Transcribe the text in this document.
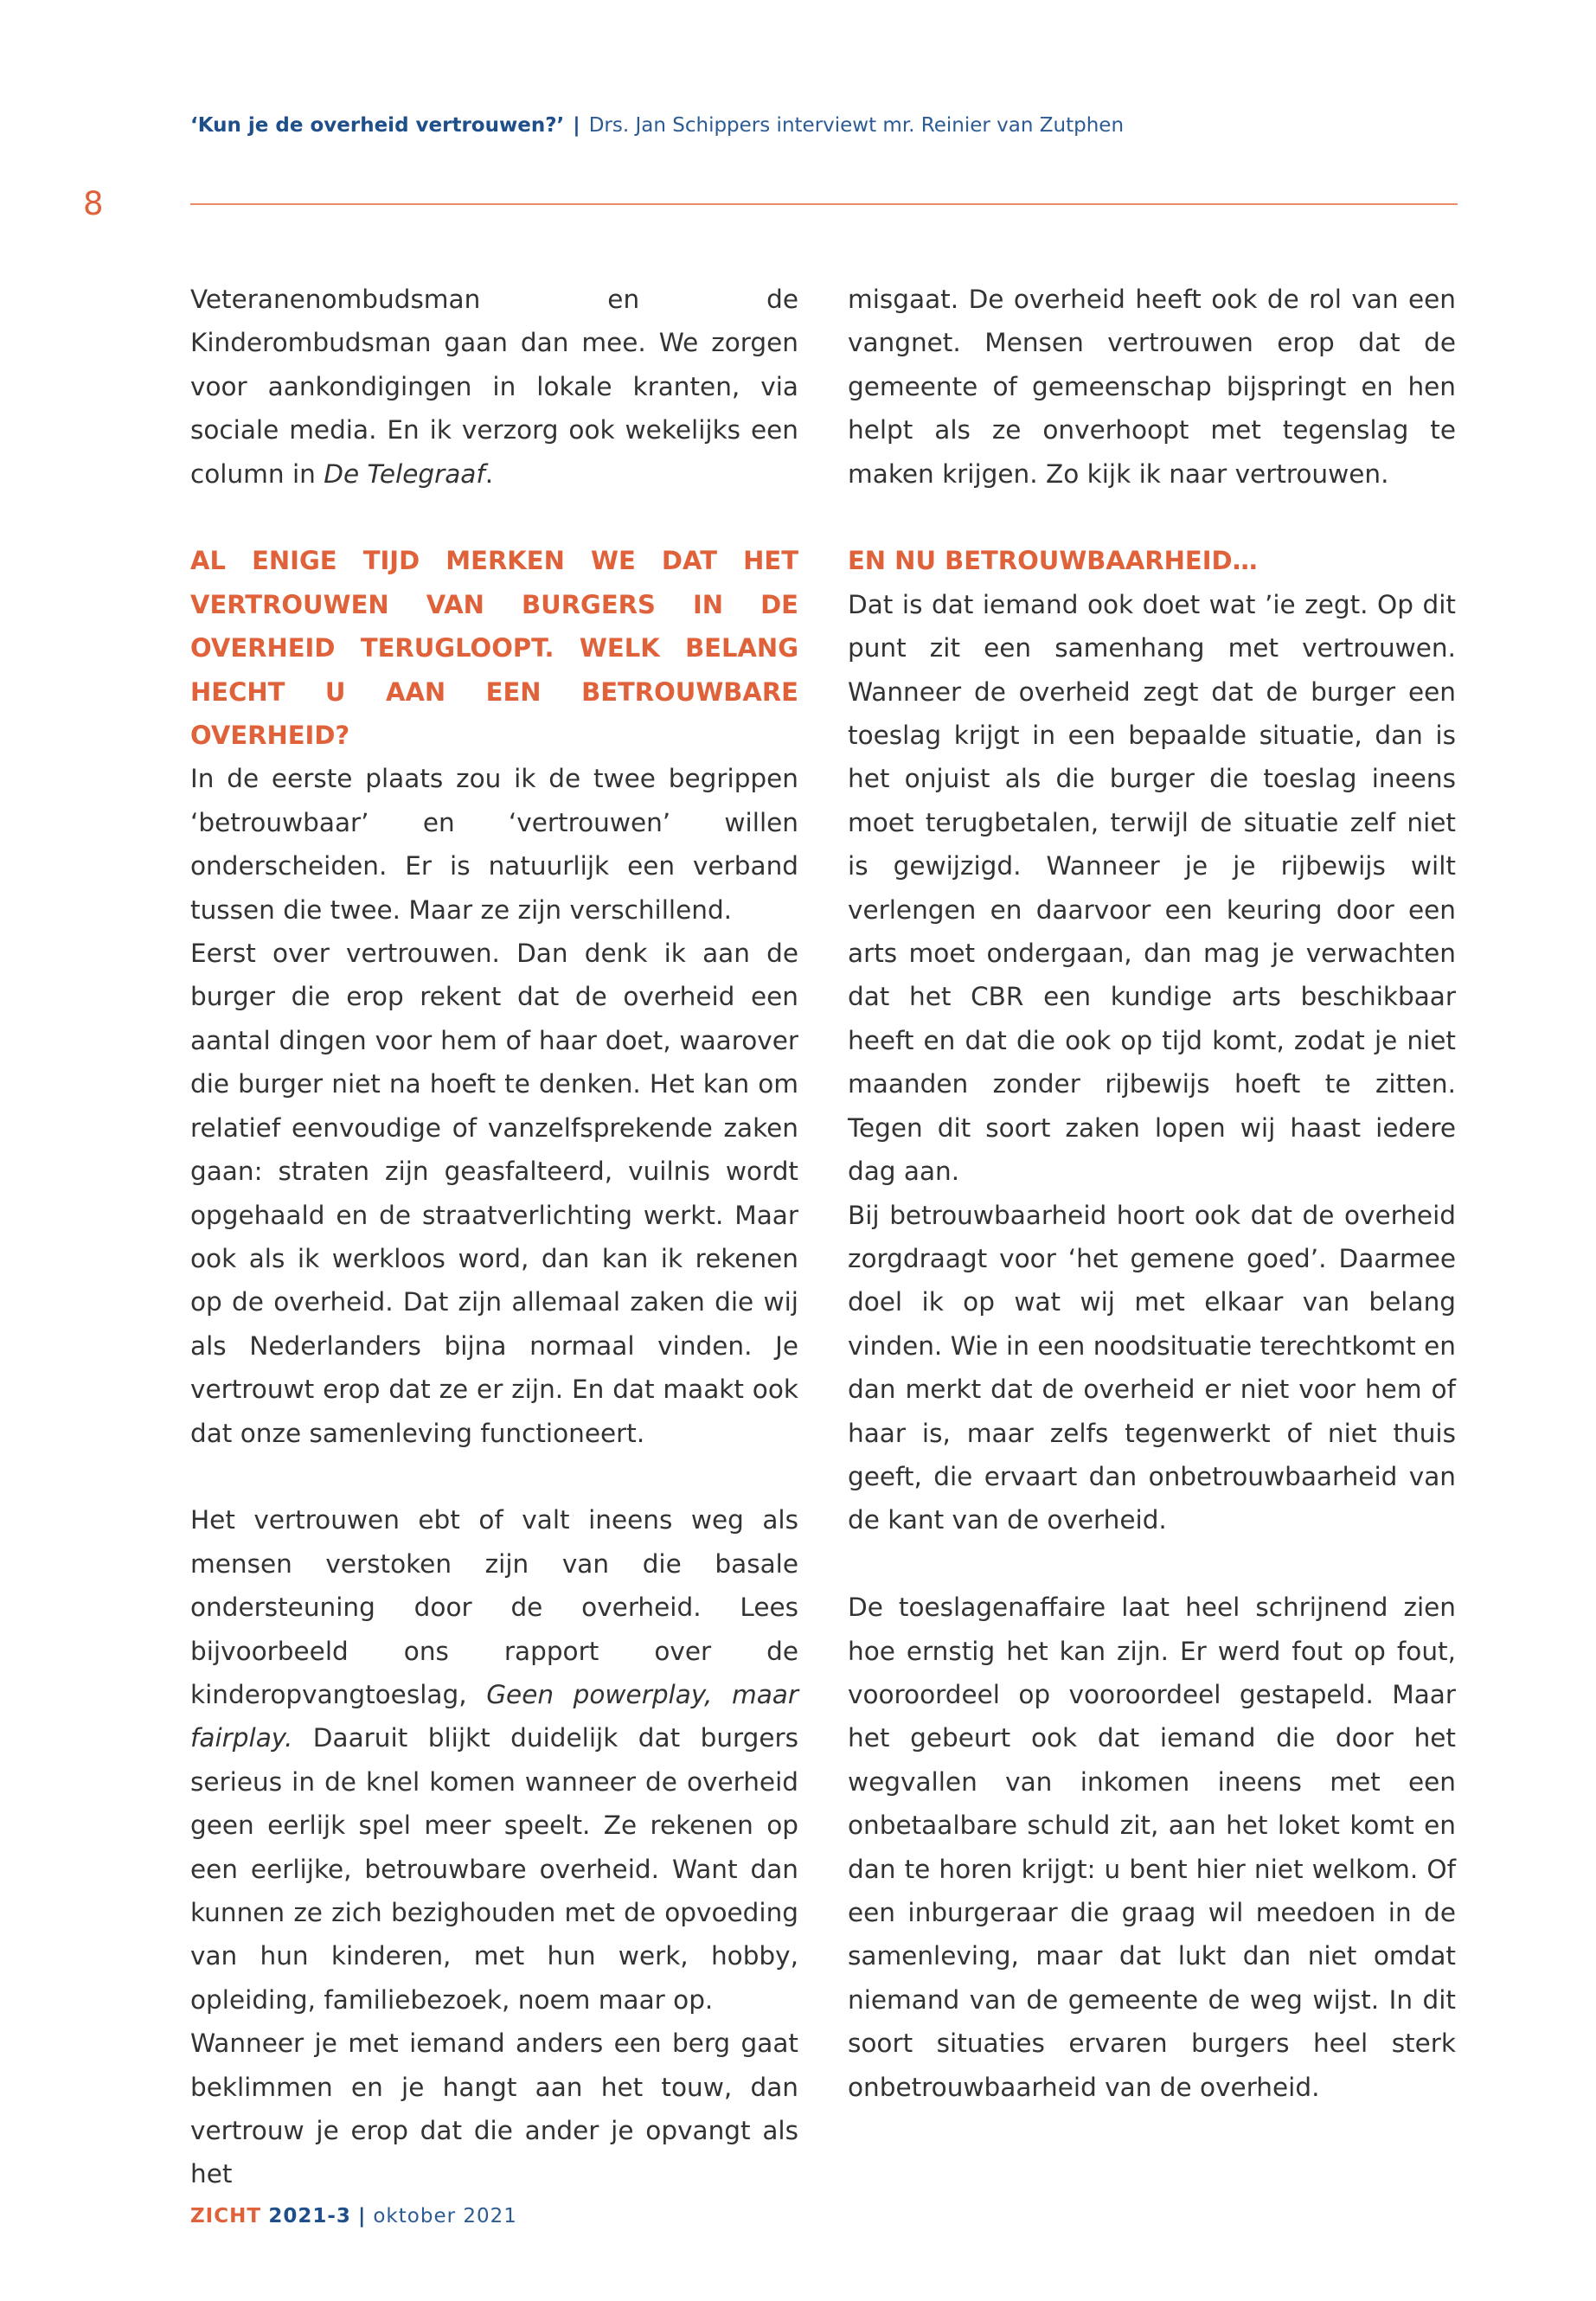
‘Kun je de overheid vertrouwen?’ | Drs. Jan Schippers interviewt mr. Reinier van Zutphen
8

Veteranenombudsman en de Kinderombudsman gaan dan mee. We zorgen voor aankondigingen in lokale kranten, via sociale media. En ik verzorg ook wekelijks een column in De Telegraaf.

AL ENIGE TIJD MERKEN WE DAT HET VERTROUWEN VAN BURGERS IN DE OVERHEID TERUGLOOPT. WELK BELANG HECHT U AAN EEN BETROUWBARE OVERHEID?

In de eerste plaats zou ik de twee begrippen ‘betrouwbaar’ en ‘vertrouwen’ willen onderscheiden. Er is natuurlijk een verband tussen die twee. Maar ze zijn verschillend.

Eerst over vertrouwen. Dan denk ik aan de burger die erop rekent dat de overheid een aantal dingen voor hem of haar doet, waarover die burger niet na hoeft te denken. Het kan om relatief eenvoudige of vanzelfsprekende zaken gaan: straten zijn geasfalteerd, vuilnis wordt opgehaald en de straatverlichting werkt. Maar ook als ik werkloos word, dan kan ik rekenen op de overheid. Dat zijn allemaal zaken die wij als Nederlanders bijna normaal vinden. Je vertrouwt erop dat ze er zijn. En dat maakt ook dat onze samenleving functioneert.

Het vertrouwen ebt of valt ineens weg als mensen verstoken zijn van die basale ondersteuning door de overheid. Lees bijvoorbeeld ons rapport over de kinderopvangtoeslag, Geen powerplay, maar fairplay. Daaruit blijkt duidelijk dat burgers serieus in de knel komen wanneer de overheid geen eerlijk spel meer speelt. Ze rekenen op een eerlijke, betrouwbare overheid. Want dan kunnen ze zich bezighouden met de opvoeding van hun kinderen, met hun werk, hobby, opleiding, familiebezoek, noem maar op.

Wanneer je met iemand anders een berg gaat beklimmen en je hangt aan het touw, dan vertrouw je erop dat die ander je opvangt als het

misgaat. De overheid heeft ook de rol van een vangnet. Mensen vertrouwen erop dat de gemeente of gemeenschap bijspringt en hen helpt als ze onverhoopt met tegenslag te maken krijgen. Zo kijk ik naar vertrouwen.

EN NU BETROUWBAARHEID…

Dat is dat iemand ook doet wat ’ie zegt. Op dit punt zit een samenhang met vertrouwen. Wanneer de overheid zegt dat de burger een toeslag krijgt in een bepaalde situatie, dan is het onjuist als die burger die toeslag ineens moet terugbetalen, terwijl de situatie zelf niet is gewijzigd. Wanneer je je rijbewijs wilt verlengen en daarvoor een keuring door een arts moet ondergaan, dan mag je verwachten dat het CBR een kundige arts beschikbaar heeft en dat die ook op tijd komt, zodat je niet maanden zonder rijbewijs hoeft te zitten. Tegen dit soort zaken lopen wij haast iedere dag aan.

Bij betrouwbaarheid hoort ook dat de overheid zorgdraagt voor ‘het gemene goed’. Daarmee doel ik op wat wij met elkaar van belang vinden. Wie in een noodsituatie terechtkomt en dan merkt dat de overheid er niet voor hem of haar is, maar zelfs tegenwerkt of niet thuis geeft, die ervaart dan onbetrouwbaarheid van de kant van de overheid.

De toeslagenaffaire laat heel schrijnend zien hoe ernstig het kan zijn. Er werd fout op fout, vooroordeel op vooroordeel gestapeld. Maar het gebeurt ook dat iemand die door het wegvallen van inkomen ineens met een onbetaalbare schuld zit, aan het loket komt en dan te horen krijgt: u bent hier niet welkom. Of een inburgeraar die graag wil meedoen in de samenleving, maar dat lukt dan niet omdat niemand van de gemeente de weg wijst. In dit soort situaties ervaren burgers heel sterk onbetrouwbaarheid van de overheid.

ZICHT 2021-3 | oktober 2021
